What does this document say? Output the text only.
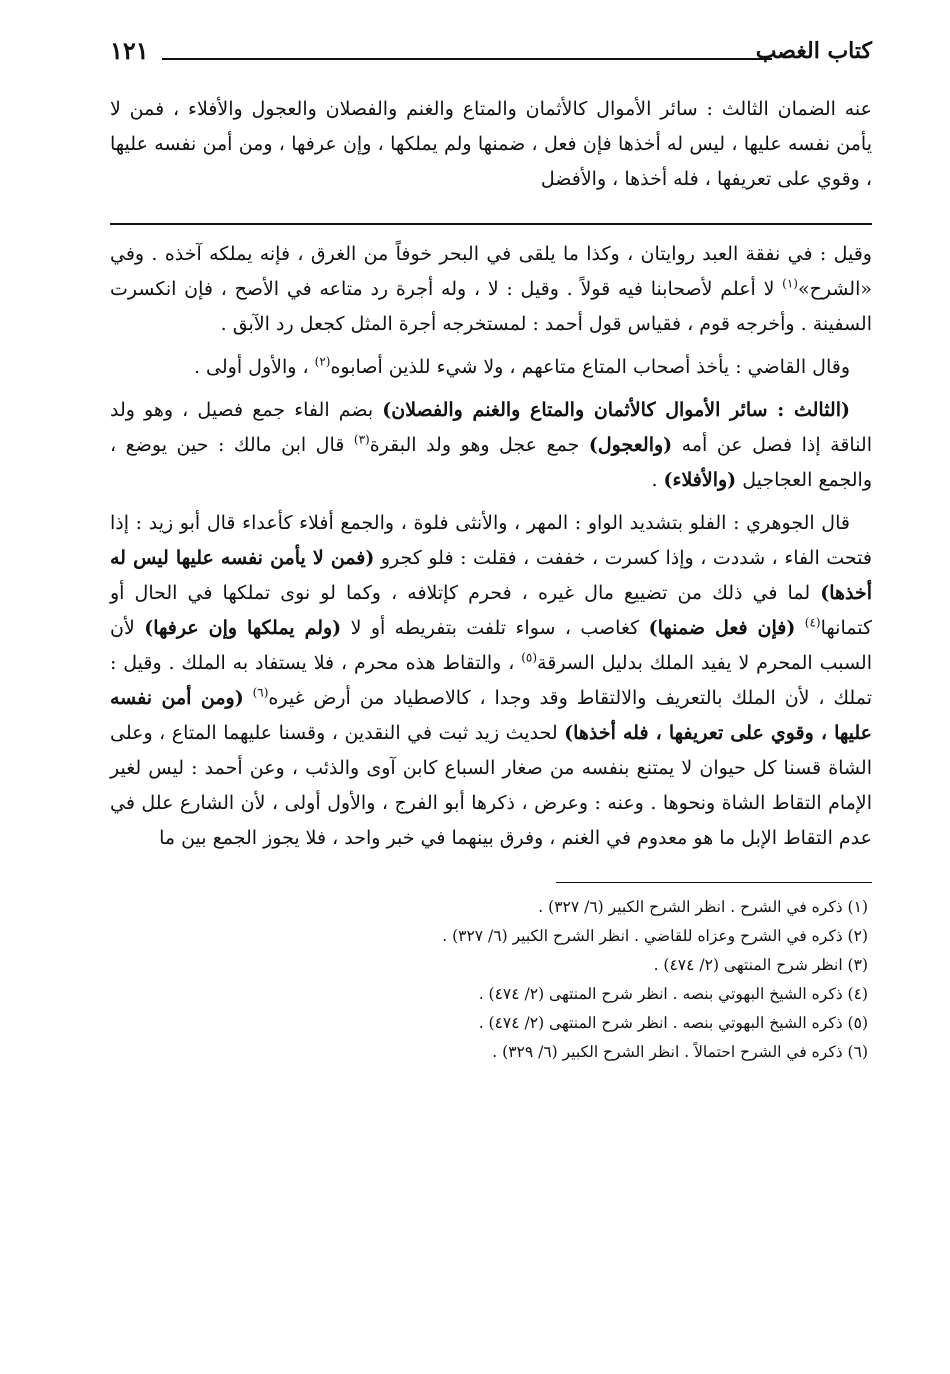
كتاب الغصب
١٢١

عنه الضمان الثالث : سائر الأموال كالأثمان والمتاع والغنم والفصلان والعجول والأفلاء ، فمن لا يأمن نفسه عليها ، ليس له أخذها فإن فعل ، ضمنها ولم يملكها ، وإن عرفها ، ومن أمن نفسه عليها ، وقوي على تعريفها ، فله أخذها ، والأفضل

وقيل : في نفقة العبد روايتان ، وكذا ما يلقى في البحر خوفاً من الغرق ، فإنه يملكه آخذه . وفي «الشرح»$^{(١)}$ لا أعلم لأصحابنا فيه قولاً . وقيل : لا ، وله أجرة رد متاعه في الأصح ، فإن انكسرت السفينة . وأخرجه قوم ، فقياس قول أحمد : لمستخرجه أجرة المثل كجعل رد الآبق .

وقال القاضي : يأخذ أصحاب المتاع متاعهم ، ولا شيء للذين أصابوه$^{(٢)}$ ، والأول أولى .

(الثالث : سائر الأموال كالأثمان والمتاع والغنم والفصلان) بضم الفاء جمع فصيل ، وهو ولد الناقة إذا فصل عن أمه (والعجول) جمع عجل وهو ولد البقرة$^{(٣)}$ قال ابن مالك : حين يوضع ، والجمع العجاجيل (والأفلاء) .

قال الجوهري : الفلو بتشديد الواو : المهر ، والأنثى فلوة ، والجمع أفلاء كأعداء قال أبو زيد : إذا فتحت الفاء ، شددت ، وإذا كسرت ، خففت ، فقلت : فلو كجرو (فمن لا يأمن نفسه عليها ليس له أخذها) لما في ذلك من تضييع مال غيره ، فحرم كإتلافه ، وكما لو نوى تملكها في الحال أو كتمانها$^{(٤)}$ (فإن فعل ضمنها) كغاصب ، سواء تلفت بتفريطه أو لا (ولم يملكها وإن عرفها) لأن السبب المحرم لا يفيد الملك بدليل السرقة$^{(٥)}$ ، والتقاط هذه محرم ، فلا يستفاد به الملك . وقيل : تملك ، لأن الملك بالتعريف والالتقاط وقد وجدا ، كالاصطياد من أرض غيره$^{(٦)}$ (ومن أمن نفسه عليها ، وقوي على تعريفها ، فله أخذها) لحديث زيد ثبت في النقدين ، وقسنا عليهما المتاع ، وعلى الشاة قسنا كل حيوان لا يمتنع بنفسه من صغار السباع كابن آوى والذئب ، وعن أحمد : ليس لغير الإمام التقاط الشاة ونحوها . وعنه : وعرض ، ذكرها أبو الفرج ، والأول أولى ، لأن الشارع علل في عدم التقاط الإبل ما هو معدوم في الغنم ، وفرق بينهما في خبر واحد ، فلا يجوز الجمع بين ما

(١) ذكره في الشرح . انظر الشرح الكبير (٦/ ٣٢٧) .

(٢) ذكره في الشرح وعزاه للقاضي . انظر الشرح الكبير (٦/ ٣٢٧) .

(٣) انظر شرح المنتهى (٢/ ٤٧٤) .

(٤) ذكره الشيخ البهوتي بنصه . انظر شرح المنتهى (٢/ ٤٧٤) .

(٥) ذكره الشيخ البهوتي بنصه . انظر شرح المنتهى (٢/ ٤٧٤) .

(٦) ذكره في الشرح احتمالاً . انظر الشرح الكبير (٦/ ٣٢٩) .
